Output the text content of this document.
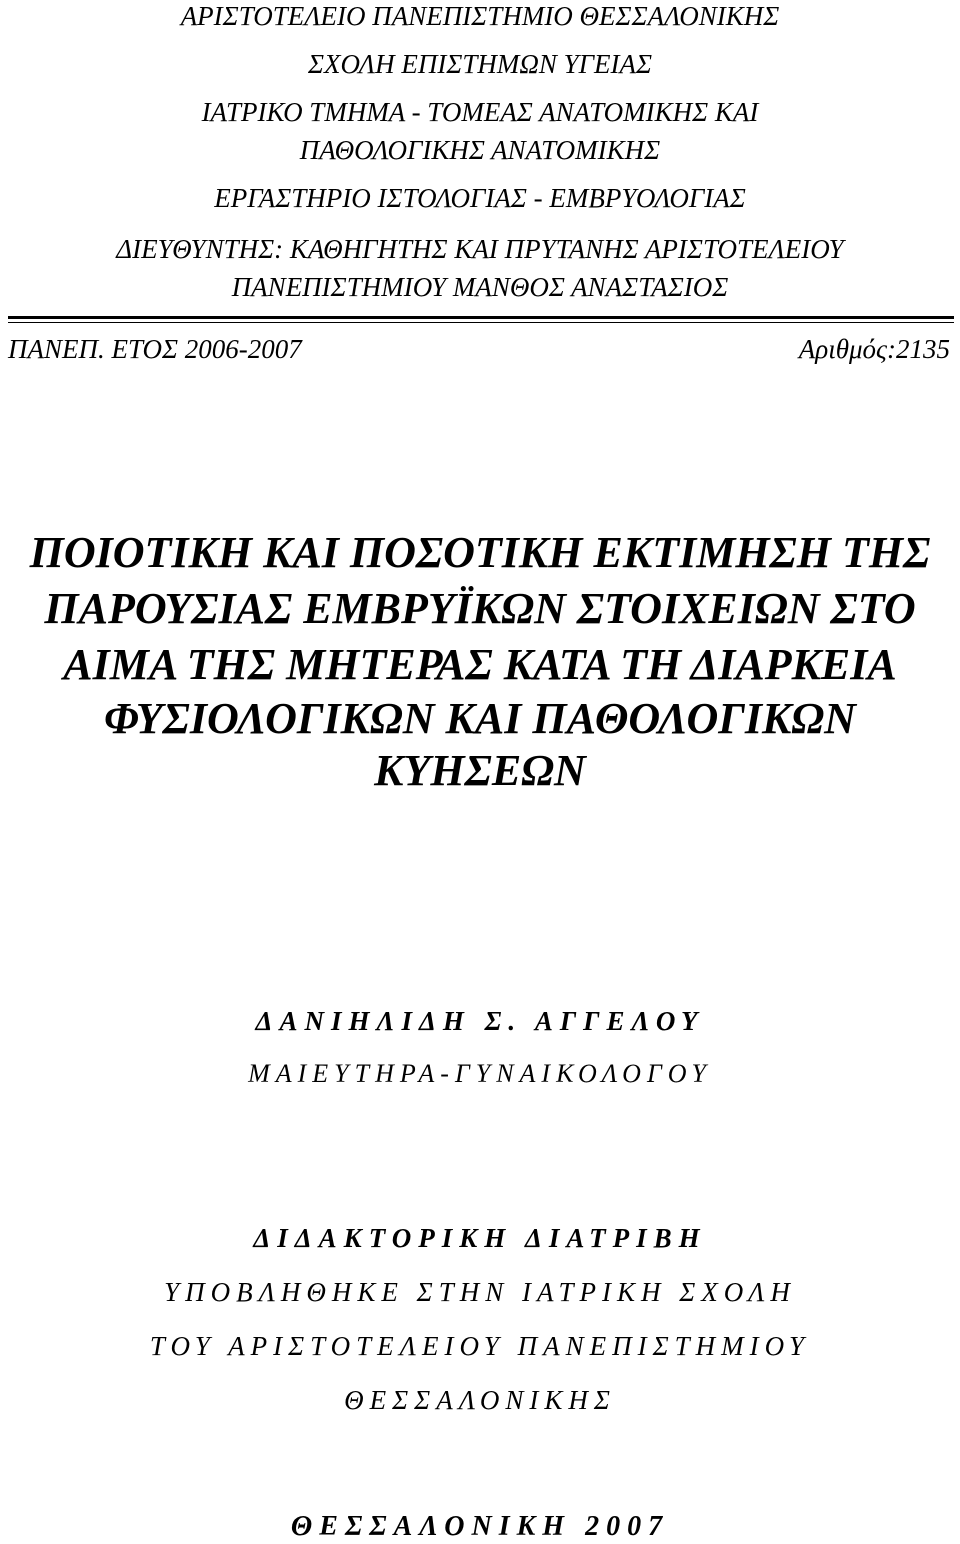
ΑΡΙΣΤΟΤΕΛΕΙΟ ΠΑΝΕΠΙΣΤΗΜΙΟ ΘΕΣΣΑΛΟΝΙΚΗΣ
ΣΧΟΛΗ ΕΠΙΣΤΗΜΩΝ ΥΓΕΙΑΣ
ΙΑΤΡΙΚΟ ΤΜΗΜΑ - ΤΟΜΕΑΣ ΑΝΑΤΟΜΙΚΗΣ ΚΑΙ
ΠΑΘΟΛΟΓΙΚΗΣ ΑΝΑΤΟΜΙΚΗΣ
ΕΡΓΑΣΤΗΡΙΟ ΙΣΤΟΛΟΓΙΑΣ - ΕΜΒΡΥΟΛΟΓΙΑΣ
ΔΙΕΥΘΥΝΤΗΣ: ΚΑΘΗΓΗΤΗΣ ΚΑΙ ΠΡΥΤΑΝΗΣ ΑΡΙΣΤΟΤΕΛΕΙΟΥ
ΠΑΝΕΠΙΣΤΗΜΙΟΥ ΜΑΝΘΟΣ ΑΝΑΣΤΑΣΙΟΣ
ΠΑΝΕΠ. ΕΤΟΣ 2006-2007	Αριθμός:2135
ΠΟΙΟΤΙΚΗ ΚΑΙ ΠΟΣΟΤΙΚΗ ΕΚΤΙΜΗΣΗ ΤΗΣ
ΠΑΡΟΥΣΙΑΣ ΕΜΒΡΥΪΚΩΝ ΣΤΟΙΧΕΙΩΝ ΣΤΟ
ΑΙΜΑ ΤΗΣ ΜΗΤΕΡΑΣ ΚΑΤΑ ΤΗ ΔΙΑΡΚΕΙΑ
ΦΥΣΙΟΛΟΓΙΚΩΝ ΚΑΙ ΠΑΘΟΛΟΓΙΚΩΝ
ΚΥΗΣΕΩΝ
ΔΑΝΙΗΛΙΔΗ Σ. ΑΓΓΕΛΟΥ
ΜΑΙΕΥΤΗΡΑ-ΓΥΝΑΙΚΟΛΟΓΟΥ
ΔΙΔΑΚΤΟΡΙΚΗ ΔΙΑΤΡΙΒΗ
ΥΠΟΒΛΗΘΗΚΕ ΣΤΗΝ ΙΑΤΡΙΚΗ ΣΧΟΛΗ
ΤΟΥ ΑΡΙΣΤΟΤΕΛΕΙΟΥ ΠΑΝΕΠΙΣΤΗΜΙΟΥ
ΘΕΣΣΑΛΟΝΙΚΗΣ
ΘΕΣΣΑΛΟΝΙΚΗ 2007
